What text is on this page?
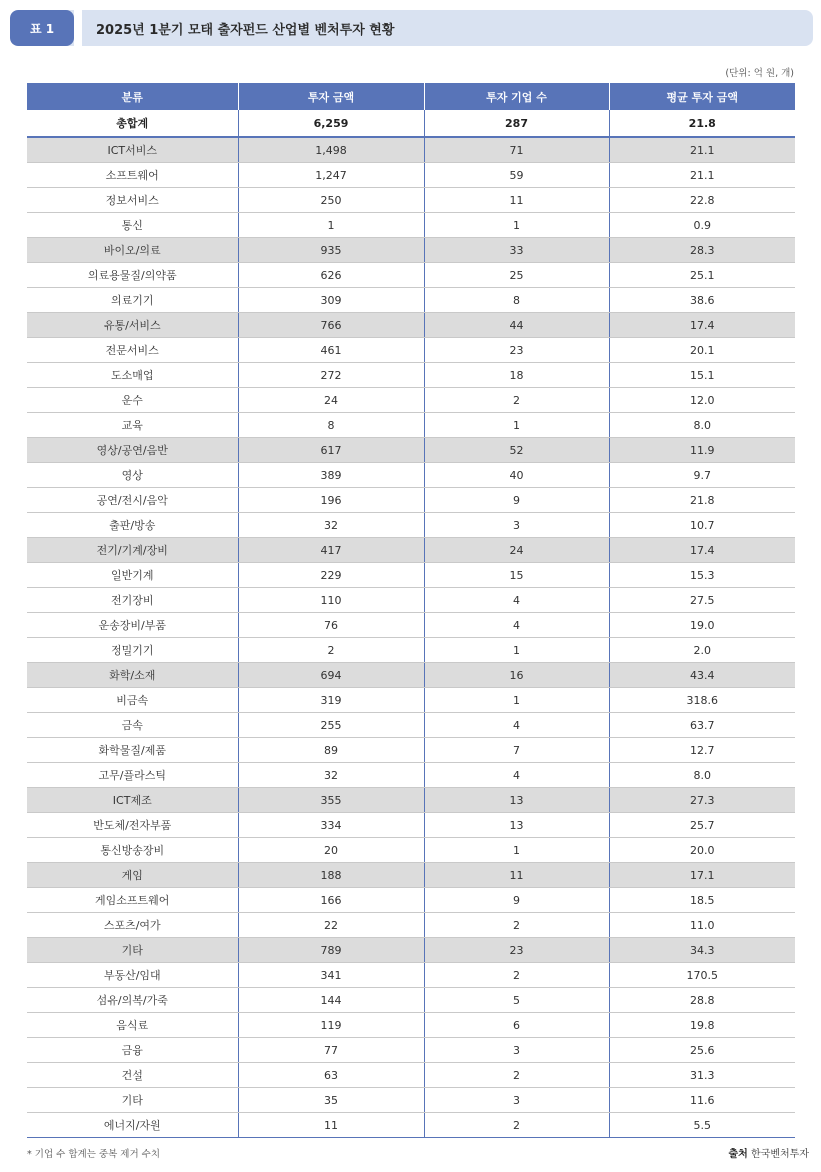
표 1	2025년 1분기 모태 출자펀드 산업별 벤처투자 현황
(단위: 억 원, 개)
분류	투자 금액	투자 기업 수	평균 투자 금액
총합계	6,259	287	21.8
ICT서비스	1,498	71	21.1
소프트웨어	1,247	59	21.1
정보서비스	250	11	22.8
통신	1	1	0.9
바이오/의료	935	33	28.3
의료용물질/의약품	626	25	25.1
의료기기	309	8	38.6
유통/서비스	766	44	17.4
전문서비스	461	23	20.1
도소매업	272	18	15.1
운수	24	2	12.0
교육	8	1	8.0
영상/공연/음반	617	52	11.9
영상	389	40	9.7
공연/전시/음악	196	9	21.8
출판/방송	32	3	10.7
전기/기계/장비	417	24	17.4
일반기계	229	15	15.3
전기장비	110	4	27.5
운송장비/부품	76	4	19.0
정밀기기	2	1	2.0
화학/소재	694	16	43.4
비금속	319	1	318.6
금속	255	4	63.7
화학물질/제품	89	7	12.7
고무/플라스틱	32	4	8.0
ICT제조	355	13	27.3
반도체/전자부품	334	13	25.7
통신방송장비	20	1	20.0
게임	188	11	17.1
게임소프트웨어	166	9	18.5
스포츠/여가	22	2	11.0
기타	789	23	34.3
부동산/임대	341	2	170.5
섬유/의복/가죽	144	5	28.8
음식료	119	6	19.8
금융	77	3	25.6
건설	63	2	31.3
기타	35	3	11.6
에너지/자원	11	2	5.5
* 기업 수 합계는 중복 제거 수치	출처 한국벤처투자
